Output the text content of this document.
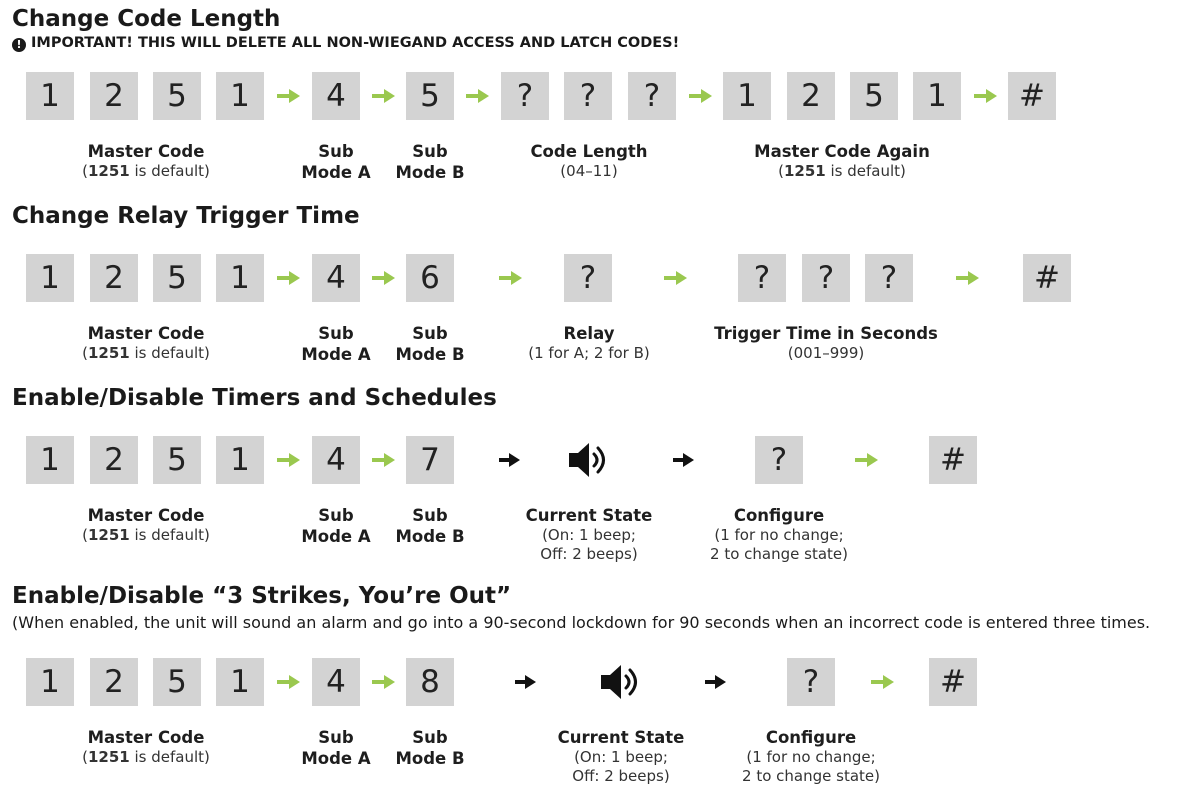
Change Code Length
! IMPORTANT! THIS WILL DELETE ALL NON-WIEGAND ACCESS AND LATCH CODES!
1	2	5	1	4	5	?	?	?	1	2	5	1	#
Master Code
(1251 is default)
Sub
Mode A
Sub
Mode B
Code Length
(04–11)
Master Code Again
(1251 is default)
Change Relay Trigger Time
1	2	5	1	4	6	?	?	?	?	#
Master Code
(1251 is default)
Sub
Mode A
Sub
Mode B
Relay
(1 for A; 2 for B)
Trigger Time in Seconds
(001–999)
Enable/Disable Timers and Schedules
1	2	5	1	4	7	?	#
Master Code
(1251 is default)
Sub
Mode A
Sub
Mode B
Current State
(On: 1 beep;
Off: 2 beeps)
Configure
(1 for no change;
2 to change state)
Enable/Disable “3 Strikes, You’re Out”
(When enabled, the unit will sound an alarm and go into a 90-second lockdown for 90 seconds when an incorrect code is entered three times.
1	2	5	1	4	8	?	#
Master Code
(1251 is default)
Sub
Mode A
Sub
Mode B
Current State
(On: 1 beep;
Off: 2 beeps)
Configure
(1 for no change;
2 to change state)
